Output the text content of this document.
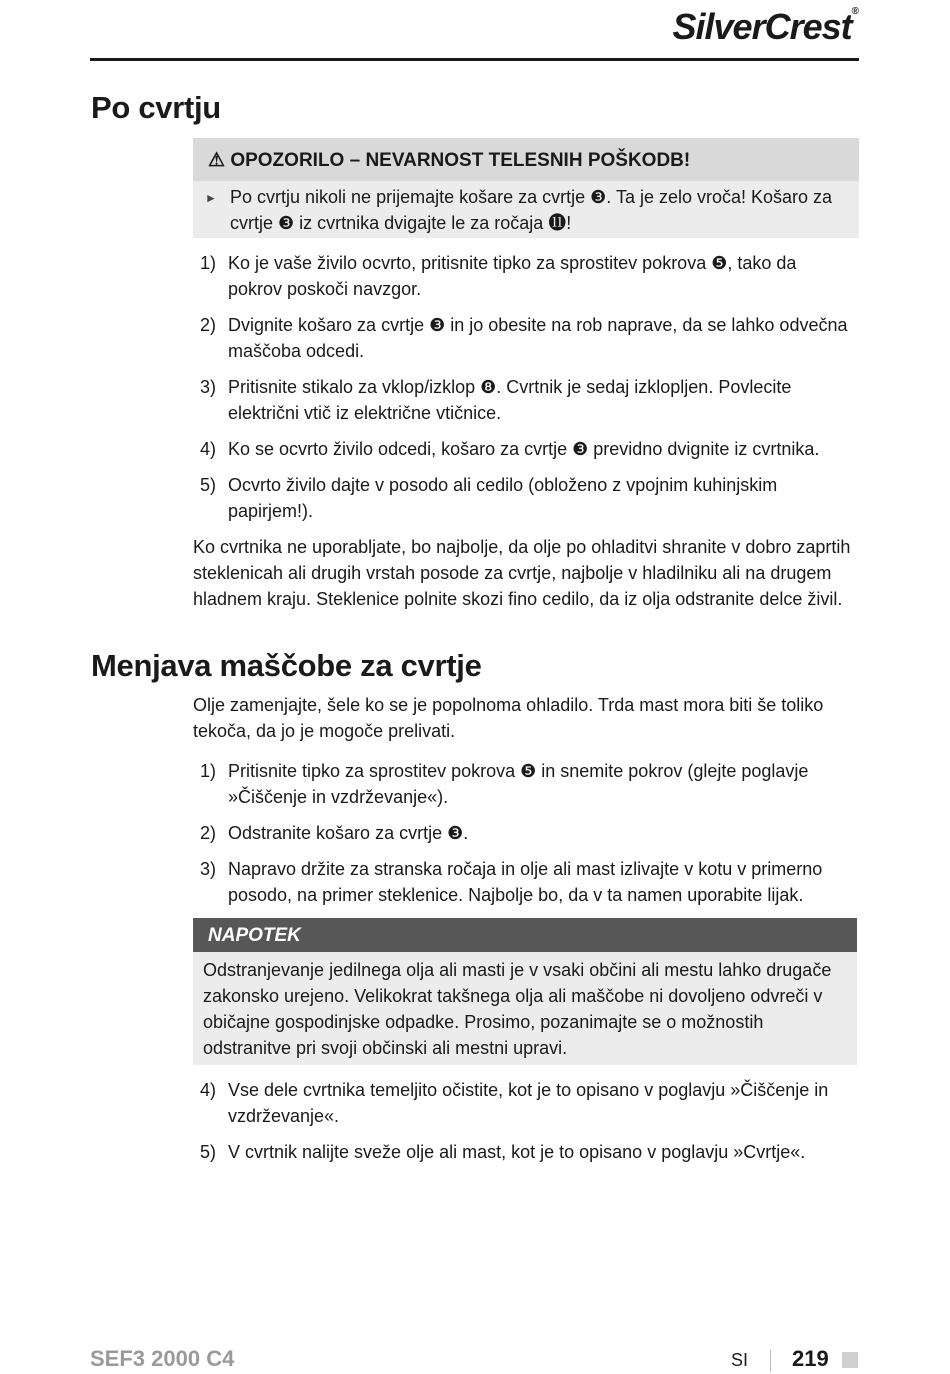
SilverCrest®
Po cvrtju
⚠ OPOZORILO – NEVARNOST TELESNIH POŠKODB!
► Po cvrtju nikoli ne prijemajte košare za cvrtje ❸. Ta je zelo vroča! Košaro za cvrtje ❸ iz cvrtnika dvigajte le za ročaja ⓫!
1) Ko je vaše živilo ocvrto, pritisnite tipko za sprostitev pokrova ❺, tako da pokrov poskoči navzgor.
2) Dvignite košaro za cvrtje ❸ in jo obesite na rob naprave, da se lahko odvečna maščoba odcedi.
3) Pritisnite stikalo za vklop/izklop ❽. Cvrtnik je sedaj izklopljen. Povlecite električni vtič iz električne vtičnice.
4) Ko se ocvrto živilo odcedi, košaro za cvrtje ❸ previdno dvignite iz cvrtnika.
5) Ocvrto živilo dajte v posodo ali cedilo (obloženo z vpojnim kuhinjskim papirjem!).
Ko cvrtnika ne uporabljate, bo najbolje, da olje po ohladitvi shranite v dobro zaprtih steklenicah ali drugih vrstah posode za cvrtje, najbolje v hladilniku ali na drugem hladnem kraju. Steklenice polnite skozi fino cedilo, da iz olja odstranite delce živil.
Menjava maščobe za cvrtje
Olje zamenjajte, šele ko se je popolnoma ohladilo. Trda mast mora biti še toliko tekoča, da jo je mogoče prelivati.
1) Pritisnite tipko za sprostitev pokrova ❺ in snemite pokrov (glejte poglavje »Čiščenje in vzdrževanje«).
2) Odstranite košaro za cvrtje ❸.
3) Napravo držite za stranska ročaja in olje ali mast izlivajte v kotu v primerno posodo, na primer steklenice. Najbolje bo, da v ta namen uporabite lijak.
NAPOTEK
Odstranjevanje jedilnega olja ali masti je v vsaki občini ali mestu lahko drugače zakonsko urejeno. Velikokrat takšnega olja ali maščobe ni dovoljeno odvreči v običajne gospodinjske odpadke. Prosimo, pozanimajte se o možnostih odstranitve pri svoji občinski ali mestni upravi.
4) Vse dele cvrtnika temeljito očistite, kot je to opisano v poglavju »Čiščenje in vzdrževanje«.
5) V cvrtnik nalijte sveže olje ali mast, kot je to opisano v poglavju »Cvrtje«.
SEF3 2000 C4	SI 219
